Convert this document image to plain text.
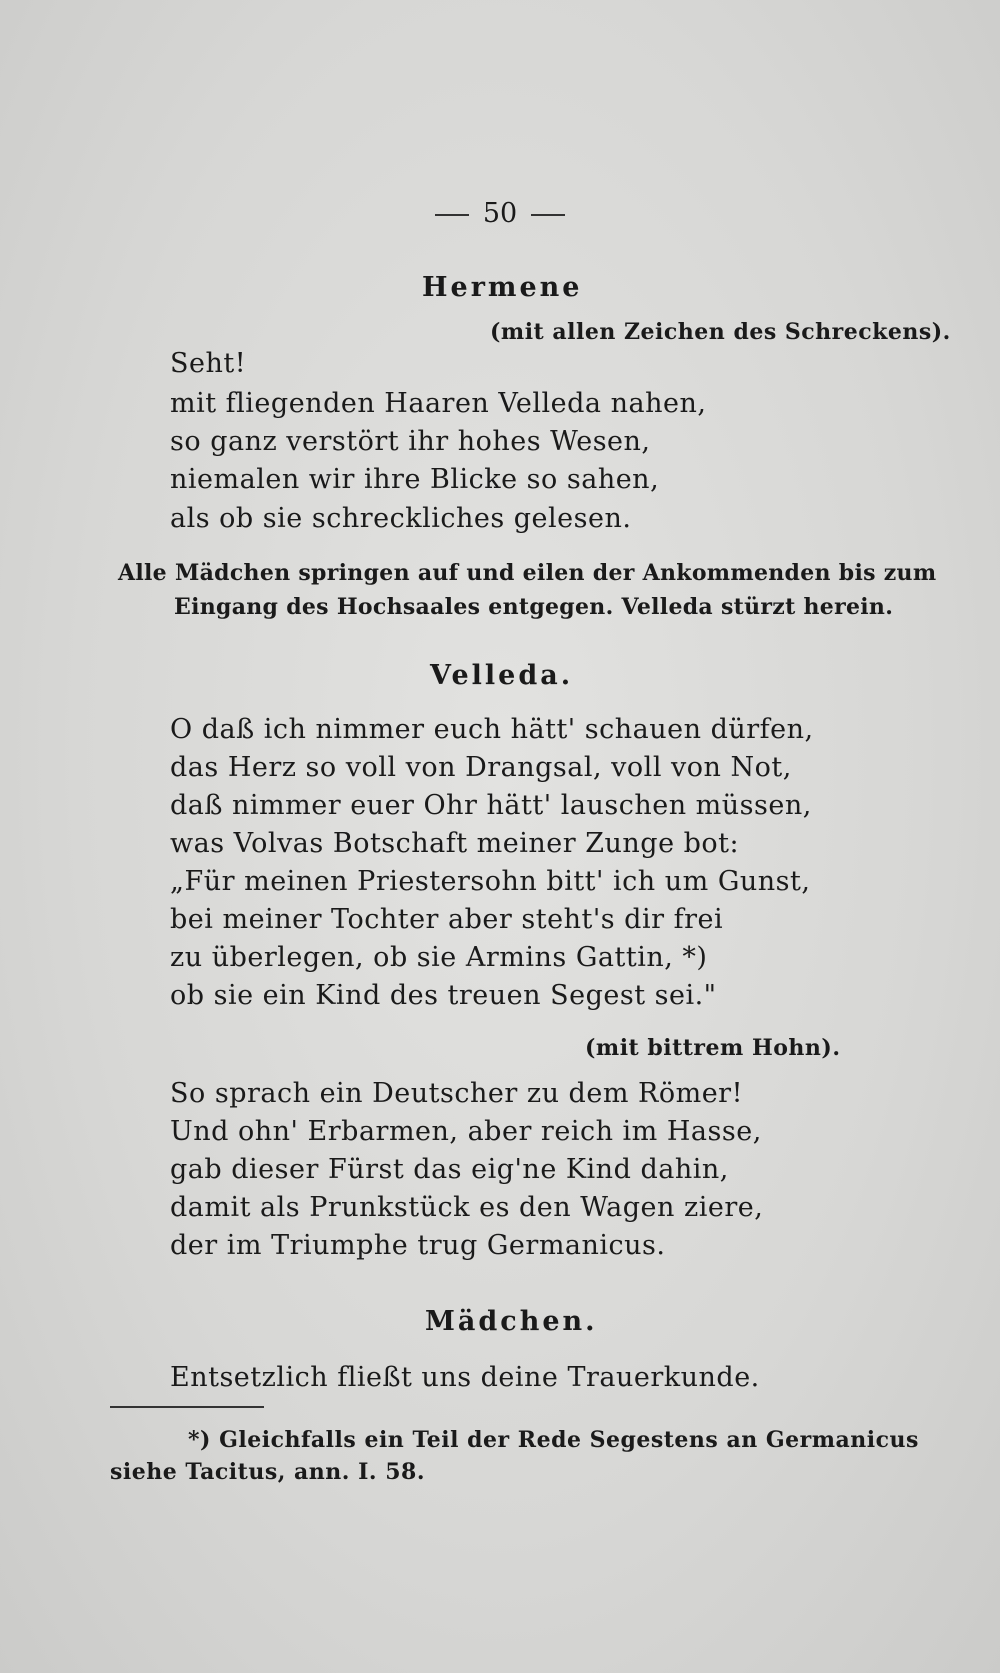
50
Hermene
(mit allen Zeichen des Schreckens).
Seht!
mit fliegenden Haaren Velleda nahen,
so ganz verstört ihr hohes Wesen,
niemalen wir ihre Blicke so sahen,
als ob sie schreckliches gelesen.
Alle Mädchen springen auf und eilen der Ankommenden bis zum
Eingang des Hochsaales entgegen. Velleda stürzt herein.
Velleda.
O daß ich nimmer euch hätt' schauen dürfen,
das Herz so voll von Drangsal, voll von Not,
daß nimmer euer Ohr hätt' lauschen müssen,
was Volvas Botschaft meiner Zunge bot:
„Für meinen Priestersohn bitt' ich um Gunst,
bei meiner Tochter aber steht's dir frei
zu überlegen, ob sie Armins Gattin, *)
ob sie ein Kind des treuen Segest sei."
(mit bittrem Hohn).
So sprach ein Deutscher zu dem Römer!
Und ohn' Erbarmen, aber reich im Hasse,
gab dieser Fürst das eig'ne Kind dahin,
damit als Prunkstück es den Wagen ziere,
der im Triumphe trug Germanicus.
Mädchen.
Entsetzlich fließt uns deine Trauerkunde.
*) Gleichfalls ein Teil der Rede Segestens an Germanicus
siehe Tacitus, ann. I. 58.
